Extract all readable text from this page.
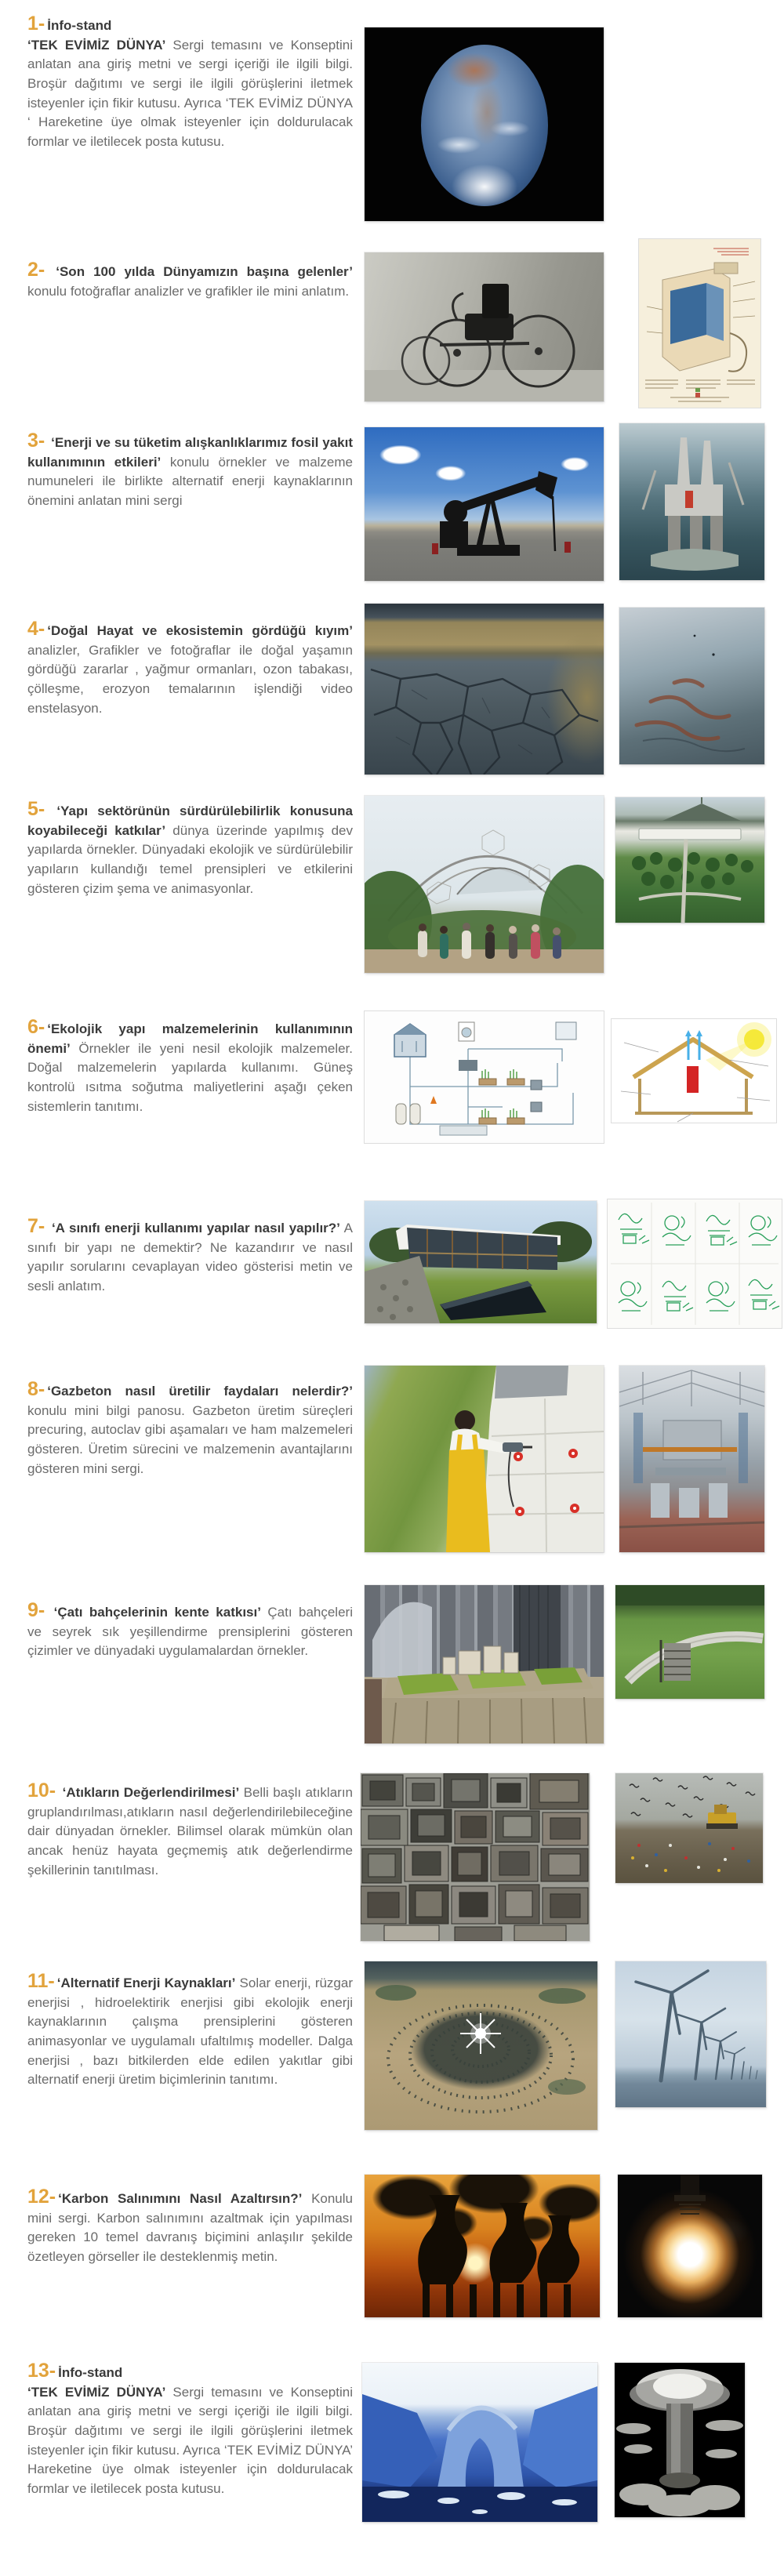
1- İnfo-stand
‘TEK EVİMİZ DÜNYA’ Sergi temasını ve Konseptini anlatan ana giriş metni ve sergi içeriği ile ilgili bilgi. Broşür dağıtımı ve sergi ile ilgili görüşlerini iletmek isteyenler için fikir kutusu. Ayrıca ‘TEK EVİMİZ DÜNYA ‘ Hareketine üye olmak isteyenler için doldurulacak formlar ve iletilecek posta kutusu.

2- ‘Son 100 yılda Dünyamızın başına gelenler’ konulu fotoğraflar analizler ve grafikler ile mini anlatım.

3- ‘Enerji ve su tüketim alışkanlıklarımız fosil yakıt kullanımının etkileri’ konulu örnekler ve malzeme numuneleri ile birlikte alternatif enerji kaynaklarının önemini anlatan mini sergi

4- ‘Doğal Hayat ve ekosistemin gördüğü kıyım’ analizler, Grafikler ve fotoğraflar ile doğal yaşamın gördüğü zararlar , yağmur ormanları, ozon tabakası, çölleşme, erozyon temalarının işlendiği video enstelasyon.

5- ‘Yapı sektörünün sürdürülebilirlik konusuna koyabileceği katkılar’ dünya üzerinde yapılmış dev yapılarda örnekler. Dünyadaki ekolojik ve sürdürülebilir yapıların kullandığı temel prensipleri ve etkilerini gösteren çizim şema ve animasyonlar.

6- ‘Ekolojik yapı malzemelerinin kullanımının önemi’ Örnekler ile yeni nesil ekolojik malzemeler. Doğal malzemelerin yapılarda kullanımı. Güneş kontrolü ısıtma soğutma maliyetlerini aşağı çeken sistemlerin tanıtımı.

7- ‘A sınıfı enerji kullanımı yapılar nasıl yapılır?’ A sınıfı bir yapı ne demektir? Ne kazandırır ve nasıl yapılır sorularını cevaplayan video gösterisi metin ve sesli anlatım.

8- ‘Gazbeton nasıl üretilir faydaları nelerdir?’ konulu mini bilgi panosu. Gazbeton üretim süreçleri precuring, autoclav gibi aşamaları ve ham malzemeleri gösteren. Üretim sürecini ve malzemenin avantajlarını gösteren mini sergi.

9- ‘Çatı bahçelerinin kente katkısı’ Çatı bahçeleri ve seyrek sık yeşillendirme prensiplerini gösteren çizimler ve dünyadaki uygulamalardan örnekler.

10- ‘Atıkların Değerlendirilmesi’ Belli başlı atıkların gruplandırılması,atıkların nasıl değerlendirilebileceğine dair dünyadan örnekler. Bilimsel olarak mümkün olan ancak henüz hayata geçmemiş atık değerlendirme şekillerinin tanıtılması.

11- ‘Alternatif Enerji Kaynakları’ Solar enerji, rüzgar enerjisi , hidroelektirik enerjisi gibi ekolojik enerji kaynaklarının çalışma prensiplerini gösteren animasyonlar ve uygulamalı ufaltılmış modeller. Dalga enerjisi , bazı bitkilerden elde edilen yakıtlar gibi alternatif enerji üretim biçimlerinin tanıtımı.

12- ‘Karbon Salınımını Nasıl Azaltırsın?’ Konulu mini sergi. Karbon salınımını azaltmak için yapılması gereken 10 temel davranış biçimini anlaşılır şekilde özetleyen görseller ile desteklenmiş metin.

13- İnfo-stand
‘TEK EVİMİZ DÜNYA’ Sergi temasını ve Konseptini anlatan ana giriş metni ve sergi içeriği ile ilgili bilgi. Broşür dağıtımı ve sergi ile ilgili görüşlerini iletmek isteyenler için fikir kutusu. Ayrıca ‘TEK EVİMİZ DÜNYA’ Hareketine üye olmak isteyenler için doldurulacak formlar ve iletilecek posta kutusu.
